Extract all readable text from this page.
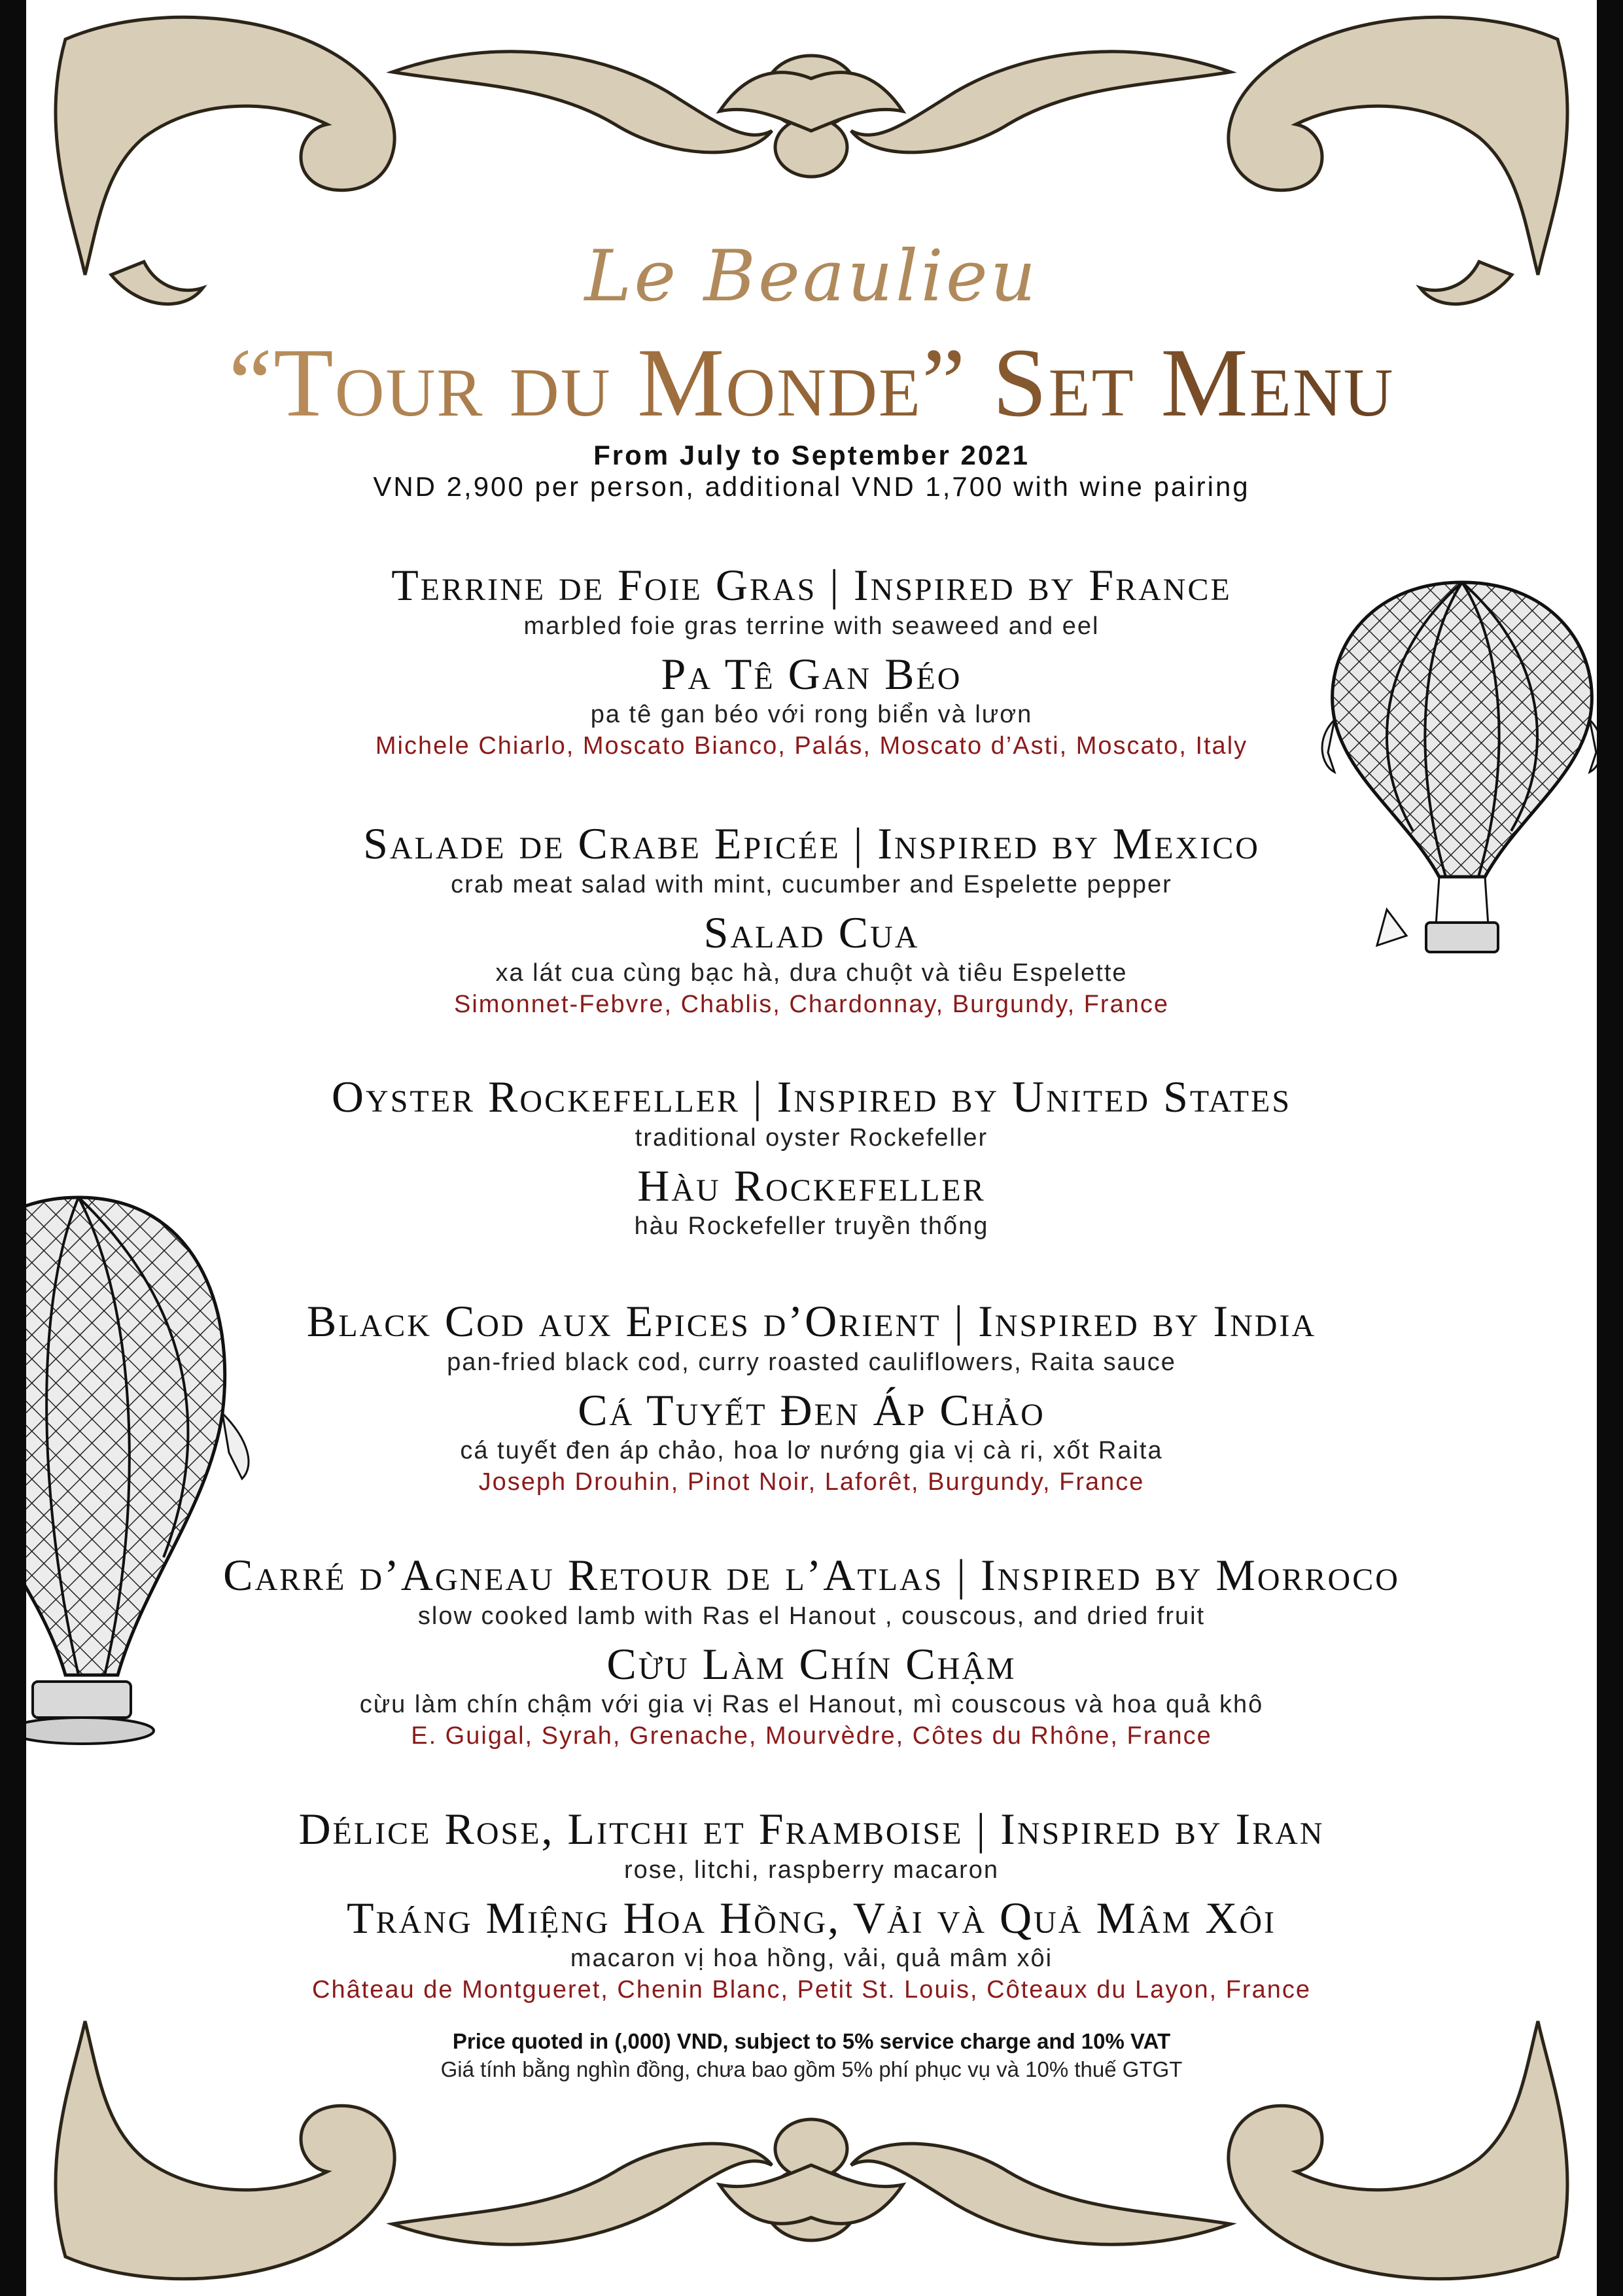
Le Beaulieu
“Tour du Monde” Set Menu
From July to September 2021
VND 2,900 per person, additional VND 1,700 with wine pairing
Terrine de Foie Gras | Inspired by France
marbled foie gras terrine with seaweed and eel
Pa Tê Gan Béo
pa tê gan béo với rong biển và lươn
Michele Chiarlo, Moscato Bianco, Palás, Moscato d’Asti, Moscato, Italy
Salade de Crabe Epicée | Inspired by Mexico
crab meat salad with mint, cucumber and Espelette pepper
Salad Cua
xa lát cua cùng bạc hà, dưa chuột và tiêu Espelette
Simonnet-Febvre, Chablis, Chardonnay, Burgundy, France
Oyster Rockefeller | Inspired by United States
traditional oyster Rockefeller
Hàu Rockefeller
hàu Rockefeller truyền thống
Black Cod aux Epices d’Orient | Inspired by India
pan-fried black cod, curry roasted cauliflowers, Raita sauce
Cá Tuyết Đen Áp Chảo
cá tuyết đen áp chảo, hoa lơ nướng gia vị cà ri, xốt Raita
Joseph Drouhin, Pinot Noir, Laforêt, Burgundy, France
Carré d’Agneau Retour de l’Atlas | Inspired by Morroco
slow cooked lamb with Ras el Hanout , couscous, and dried fruit
Cừu Làm Chín Chậm
cừu làm chín chậm với gia vị Ras el Hanout, mì couscous và hoa quả khô
E. Guigal, Syrah, Grenache, Mourvèdre, Côtes du Rhône, France
Délice Rose, Litchi et Framboise | Inspired by Iran
rose, litchi, raspberry macaron
Tráng Miệng Hoa Hồng, Vải và Quả Mâm Xôi
macaron vị hoa hồng, vải, quả mâm xôi
Château de Montgueret, Chenin Blanc, Petit St. Louis, Côteaux du Layon, France
Price quoted in (,000) VND, subject to 5% service charge and 10% VAT
Giá tính bằng nghìn đồng, chưa bao gồm 5% phí phục vụ và 10% thuế GTGT
